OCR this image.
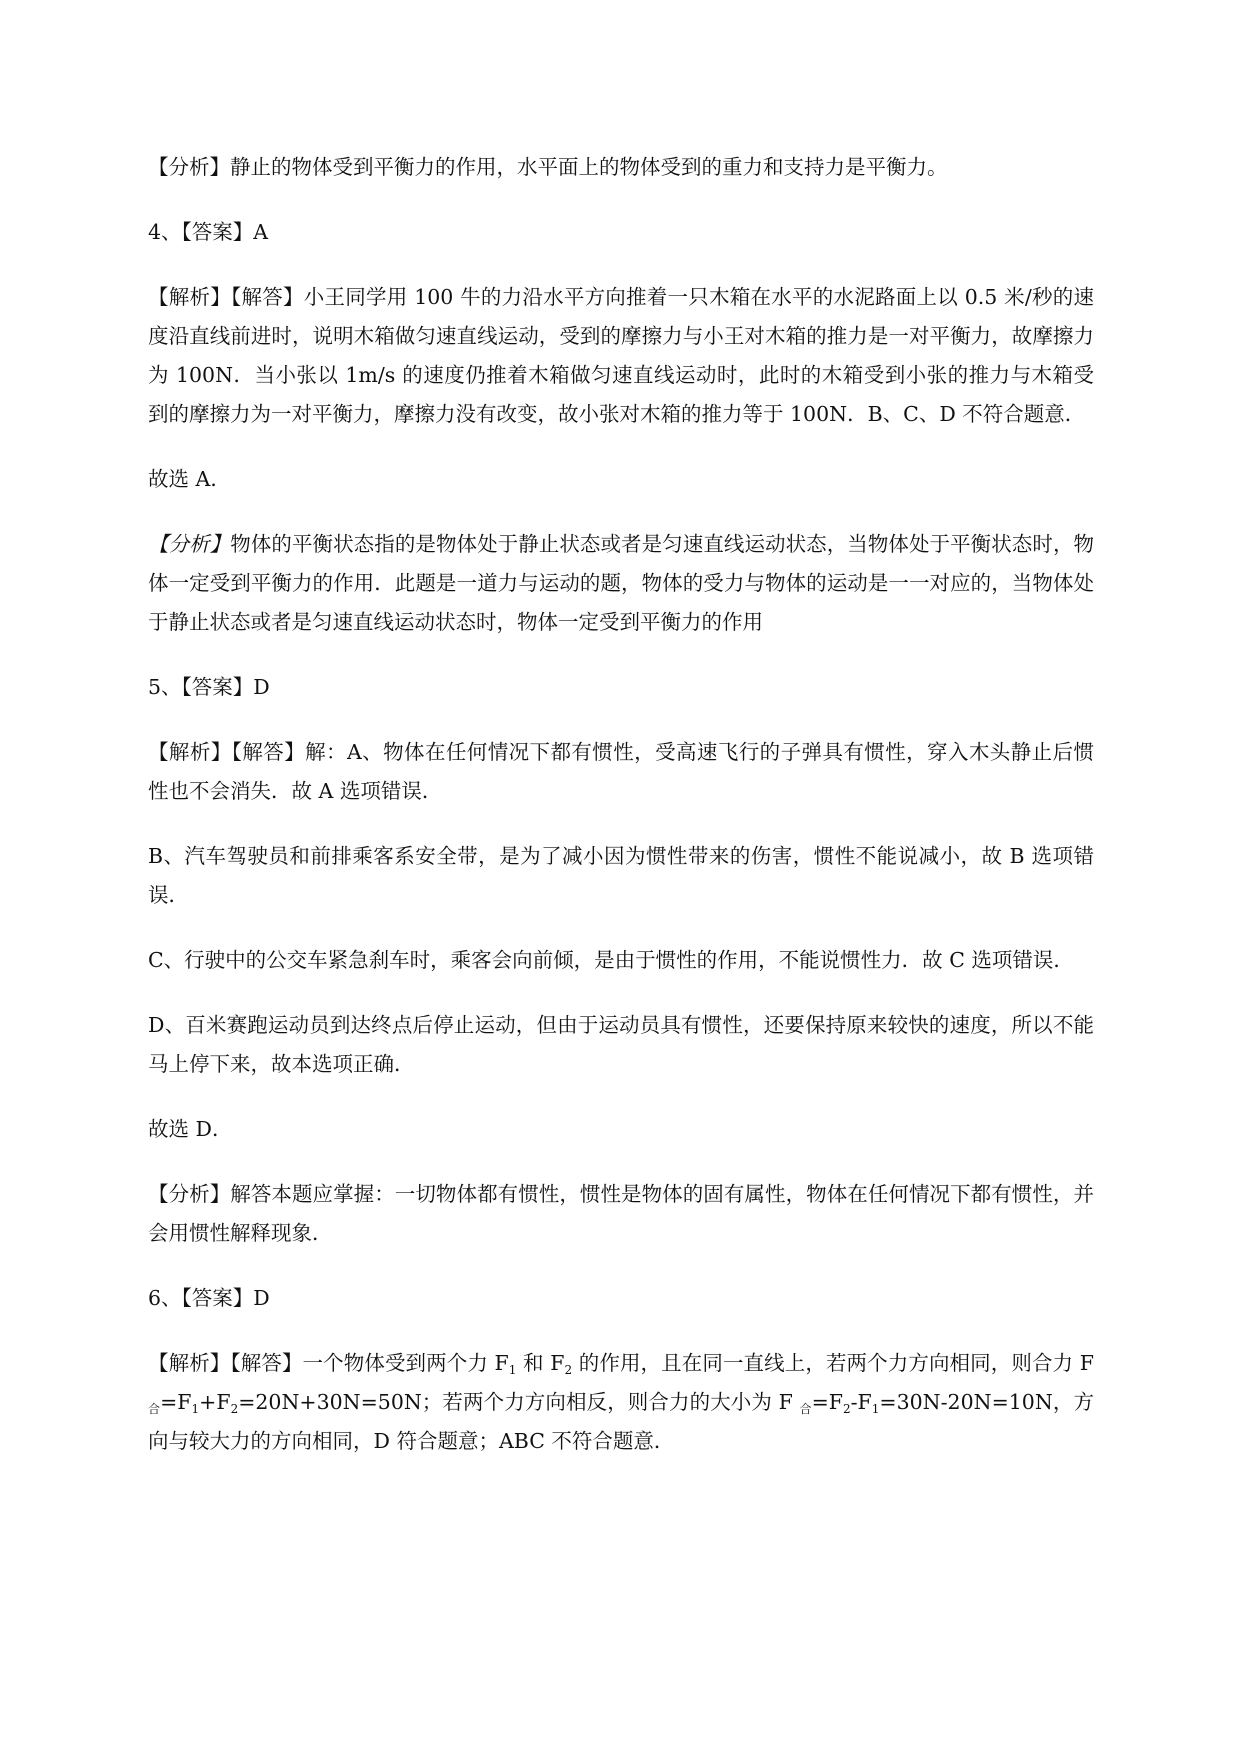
【分析】静止的物体受到平衡力的作用，水平面上的物体受到的重力和支持力是平衡力。

4、【答案】A

【解析】【解答】小王同学用 100 牛的力沿水平方向推着一只木箱在水平的水泥路面上以 0.5 米/秒的速度沿直线前进时，说明木箱做匀速直线运动，受到的摩擦力与小王对木箱的推力是一对平衡力，故摩擦力为 100N．当小张以 1m/s 的速度仍推着木箱做匀速直线运动时，此时的木箱受到小张的推力与木箱受到的摩擦力为一对平衡力，摩擦力没有改变，故小张对木箱的推力等于 100N．B、C、D 不符合题意．

故选 A．

【分析】物体的平衡状态指的是物体处于静止状态或者是匀速直线运动状态，当物体处于平衡状态时，物体一定受到平衡力的作用．此题是一道力与运动的题，物体的受力与物体的运动是一一对应的，当物体处于静止状态或者是匀速直线运动状态时，物体一定受到平衡力的作用

5、【答案】D

【解析】【解答】解：A、物体在任何情况下都有惯性，受高速飞行的子弹具有惯性，穿入木头静止后惯性也不会消失．故 A 选项错误．

B、汽车驾驶员和前排乘客系安全带，是为了减小因为惯性带来的伤害，惯性不能说减小，故 B 选项错误．

C、行驶中的公交车紧急刹车时，乘客会向前倾，是由于惯性的作用，不能说惯性力．故 C 选项错误．

D、百米赛跑运动员到达终点后停止运动，但由于运动员具有惯性，还要保持原来较快的速度，所以不能马上停下来，故本选项正确．

故选 D．

【分析】解答本题应掌握：一切物体都有惯性，惯性是物体的固有属性，物体在任何情况下都有惯性，并会用惯性解释现象．

6、【答案】D

【解析】【解答】一个物体受到两个力 $F_1$ 和 $F_2$ 的作用，且在同一直线上，若两个力方向相同，则合力 F $_合=F_1+F_2=20N+30N=50N$；若两个力方向相反，则合力的大小为 F $_合=F_2-F_1=30N-20N=10N$，方向与较大力的方向相同，D 符合题意；ABC 不符合题意．
